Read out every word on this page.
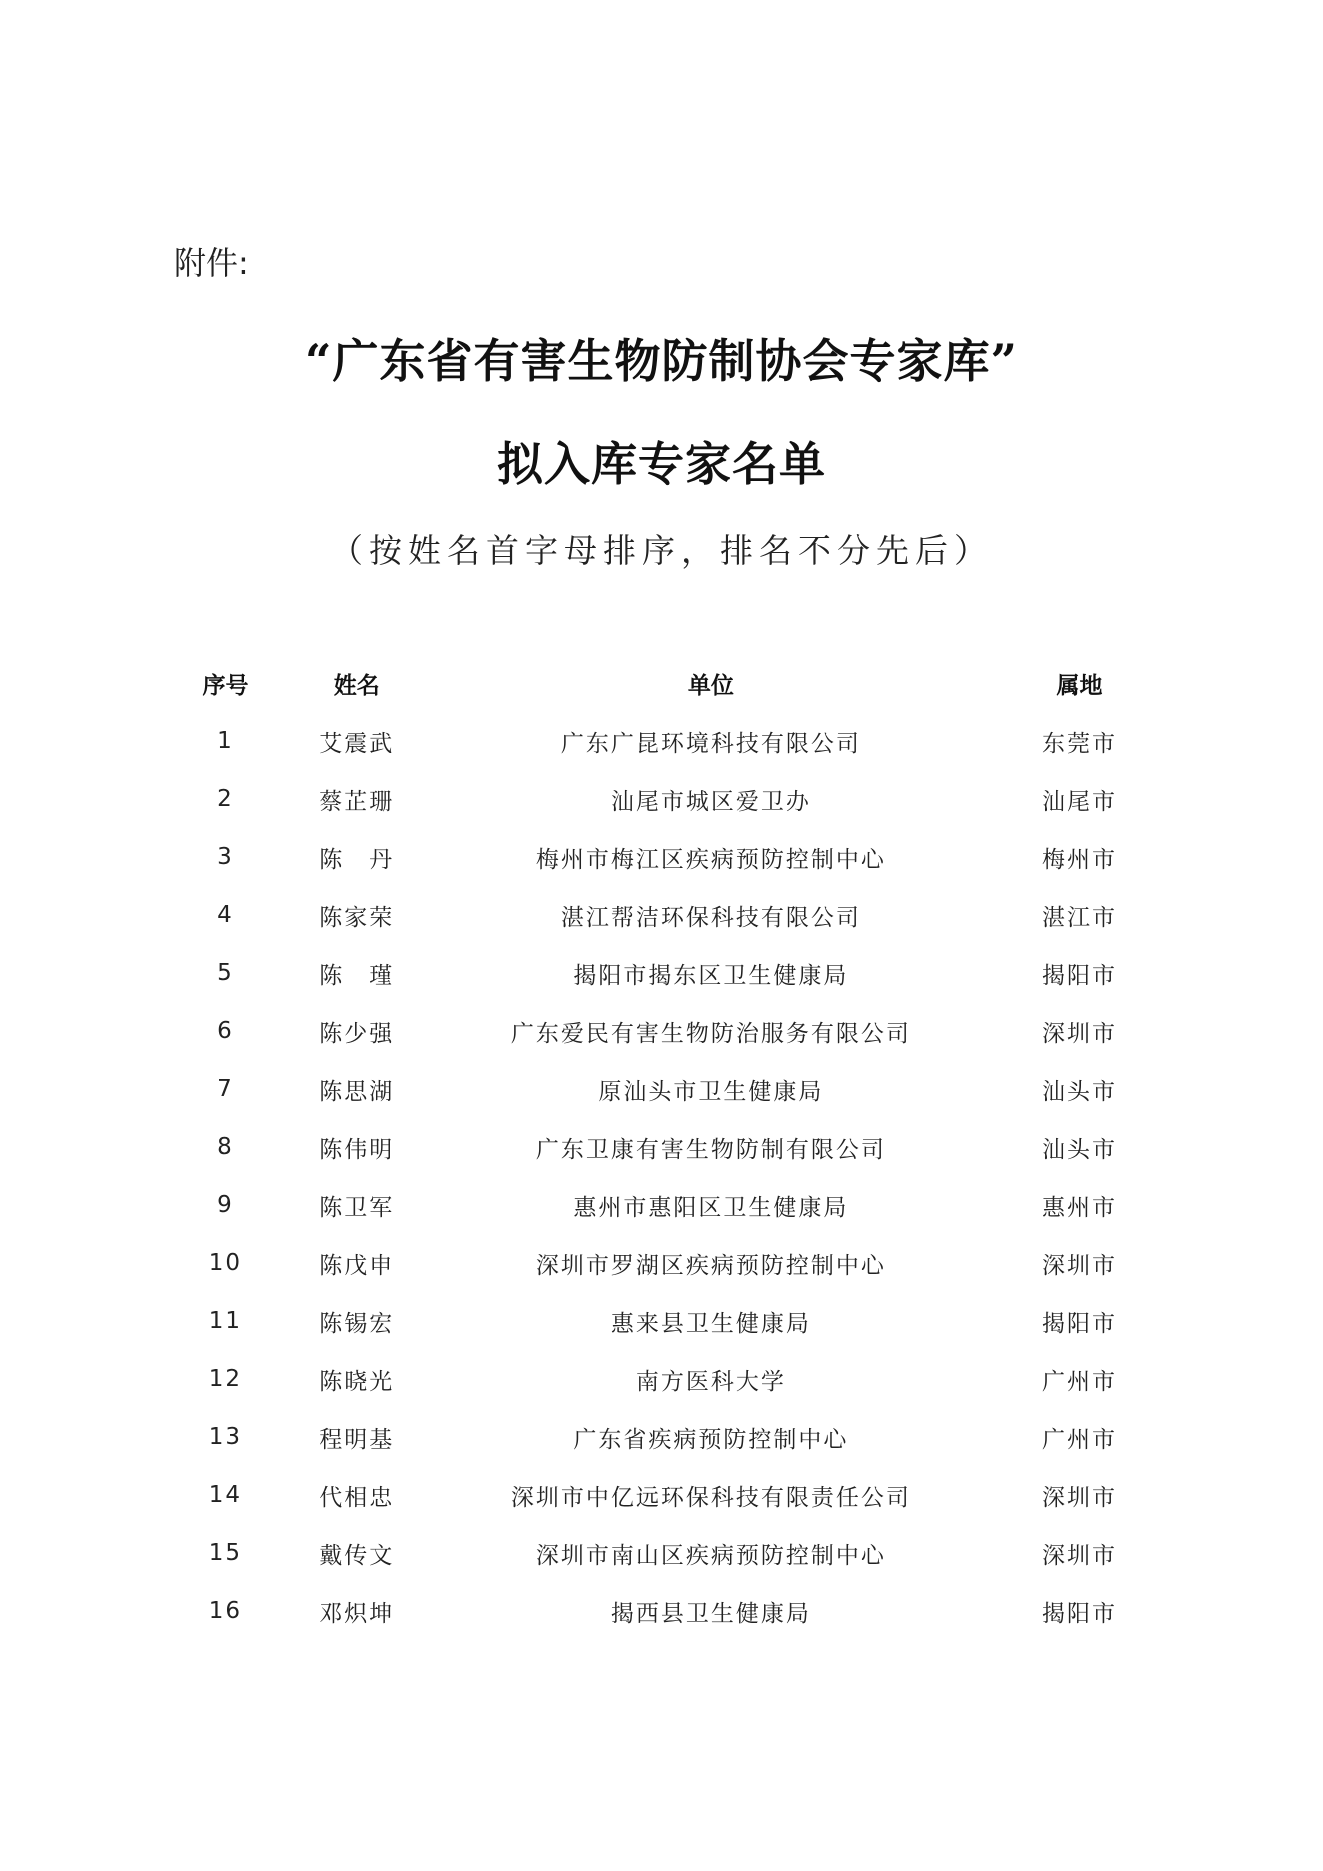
附件:
“广东省有害生物防制协会专家库”
拟入库专家名单
（按姓名首字母排序，排名不分先后）
序号	姓名	单位	属地
1	艾震武	广东广昆环境科技有限公司	东莞市
2	蔡芷珊	汕尾市城区爱卫办	汕尾市
3	陈　丹	梅州市梅江区疾病预防控制中心	梅州市
4	陈家荣	湛江帮洁环保科技有限公司	湛江市
5	陈　瑾	揭阳市揭东区卫生健康局	揭阳市
6	陈少强	广东爱民有害生物防治服务有限公司	深圳市
7	陈思湖	原汕头市卫生健康局	汕头市
8	陈伟明	广东卫康有害生物防制有限公司	汕头市
9	陈卫军	惠州市惠阳区卫生健康局	惠州市
10	陈戊申	深圳市罗湖区疾病预防控制中心	深圳市
11	陈锡宏	惠来县卫生健康局	揭阳市
12	陈晓光	南方医科大学	广州市
13	程明基	广东省疾病预防控制中心	广州市
14	代相忠	深圳市中亿远环保科技有限责任公司	深圳市
15	戴传文	深圳市南山区疾病预防控制中心	深圳市
16	邓炽坤	揭西县卫生健康局	揭阳市
